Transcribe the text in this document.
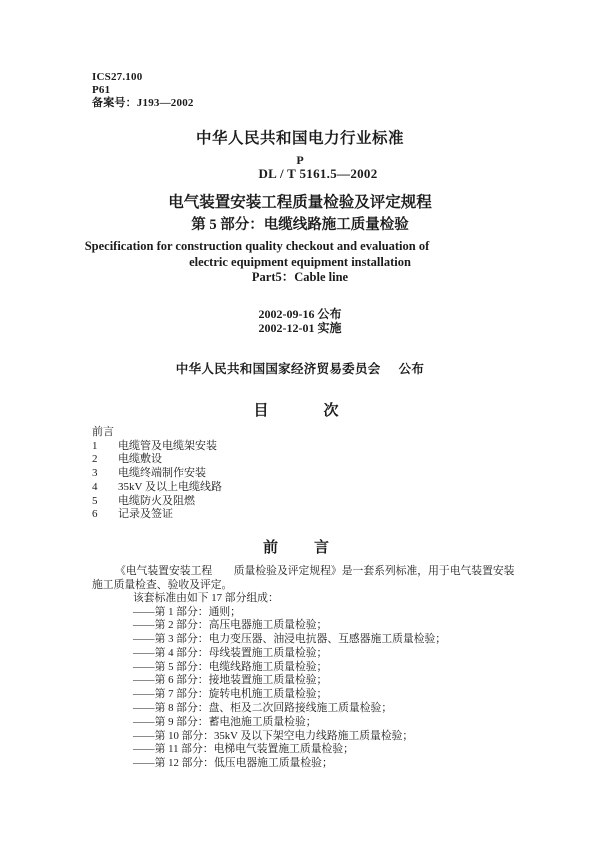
ICS27.100
P61
备案号：J193—2002
中华人民共和国电力行业标准
P
DL / T 5161.5—2002
电气装置安装工程质量检验及评定规程
第 5 部分：电缆线路施工质量检验
Specification for construction quality checkout and evaluation of
electric equipment equipment installation
Part5：Cable line
2002-09-16 公布
2002-12-01 实施
中华人民共和国国家经济贸易委员会 公布
目	次
前言
1 电缆管及电缆架安装
2 电缆敷设
3 电缆终端制作安装
4 35kV 及以上电缆线路
5 电缆防火及阻燃
6 记录及签证
前 言

《电气装置安装工程　　质量检验及评定规程》是一套系列标准，用于电气装置安装施工质量检查、验收及评定。

该套标准由如下 17 部分组成：
——第 1 部分：通则；
——第 2 部分：高压电器施工质量检验；
——第 3 部分：电力变压器、油浸电抗器、互感器施工质量检验；
——第 4 部分：母线装置施工质量检验；
——第 5 部分：电缆线路施工质量检验；
——第 6 部分：接地装置施工质量检验；
——第 7 部分：旋转电机施工质量检验；
——第 8 部分：盘、柜及二次回路接线施工质量检验；
——第 9 部分：蓄电池施工质量检验；
——第 10 部分：35kV 及以下架空电力线路施工质量检验；
——第 11 部分：电梯电气装置施工质量检验；
——第 12 部分：低压电器施工质量检验；
